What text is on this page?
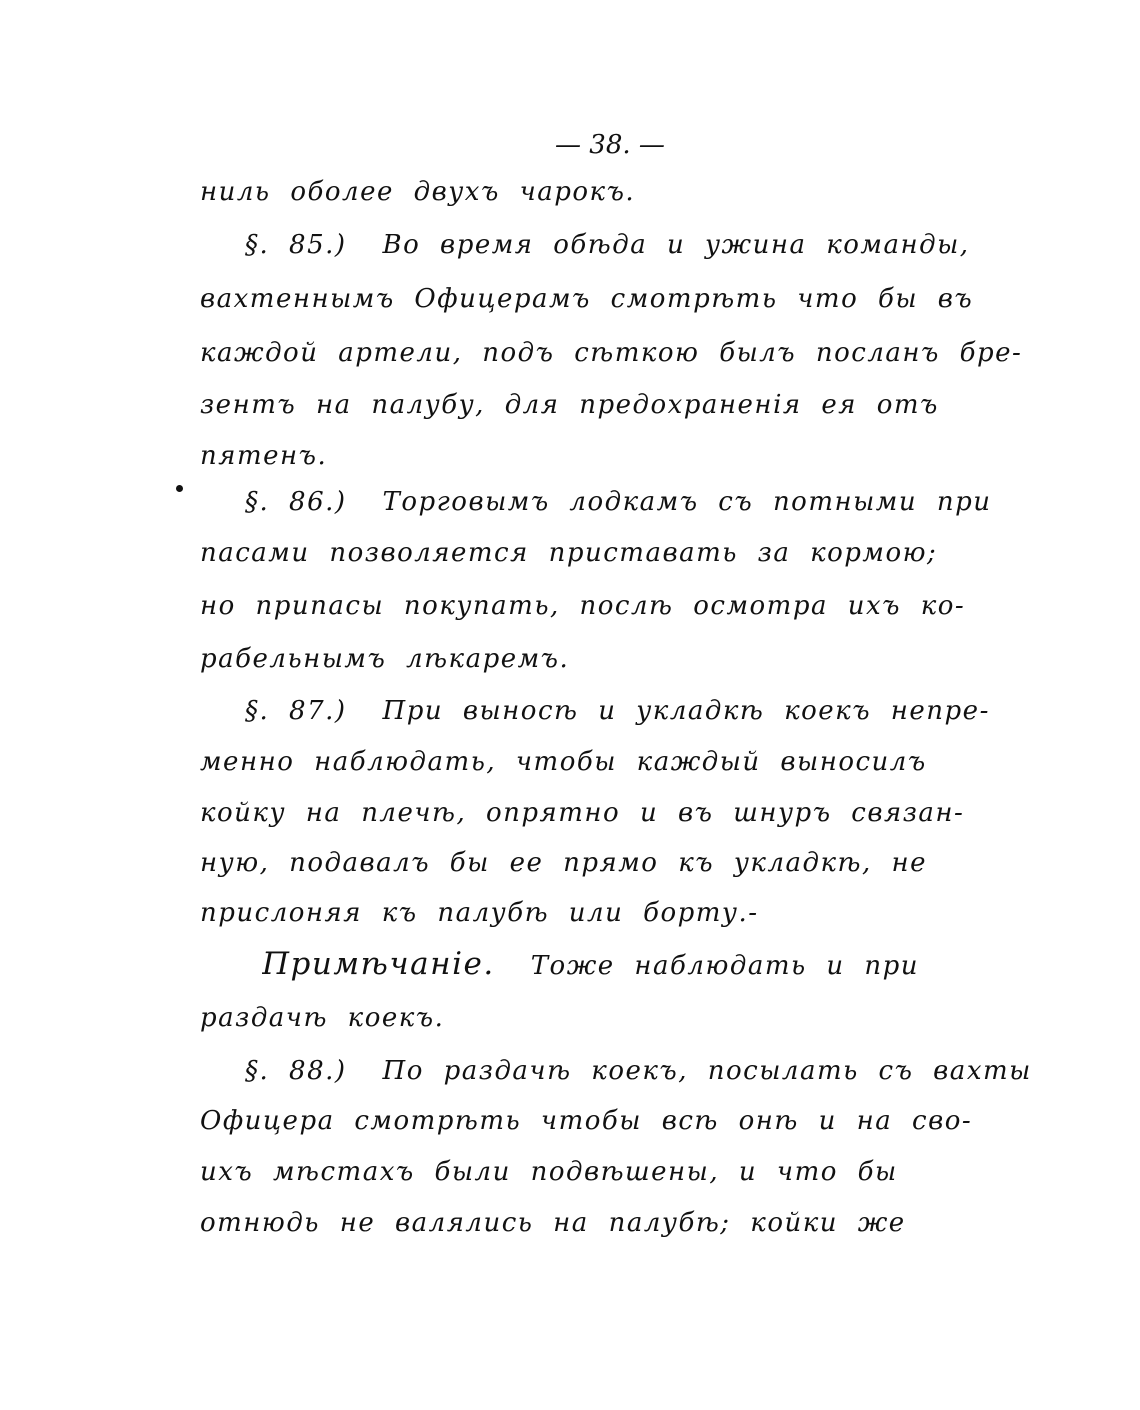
— 38. —
ниль оболее двухъ чарокъ.
§. 85.) Во время обѣда и ужина команды,
вахтеннымъ Офицерамъ смотрѣть что бы въ
каждой артели, подъ сѣткою былъ посланъ бре-
зентъ на палубу, для предохраненія ея отъ
пятенъ.
§. 86.) Торговымъ лодкамъ съ потными при
пасами позволяется приставать за кормою;
но припасы покупать, послѣ осмотра ихъ ко-
рабельнымъ лѣкаремъ.
§. 87.) При выносѣ и укладкѣ коекъ непре-
менно наблюдать, чтобы каждый выносилъ
койку на плечѣ, опрятно и въ шнуръ связан-
ную, подавалъ бы ее прямо къ укладкѣ, не
прислоняя къ палубѣ или борту.-
Примѣчаніе. Тоже наблюдать и при
раздачѣ коекъ.
§. 88.) По раздачѣ коекъ, посылать съ вахты
Офицера смотрѣть чтобы всѣ онѣ и на сво-
ихъ мѣстахъ были подвѣшены, и что бы
отнюдь не валялись на палубѣ; койки же
